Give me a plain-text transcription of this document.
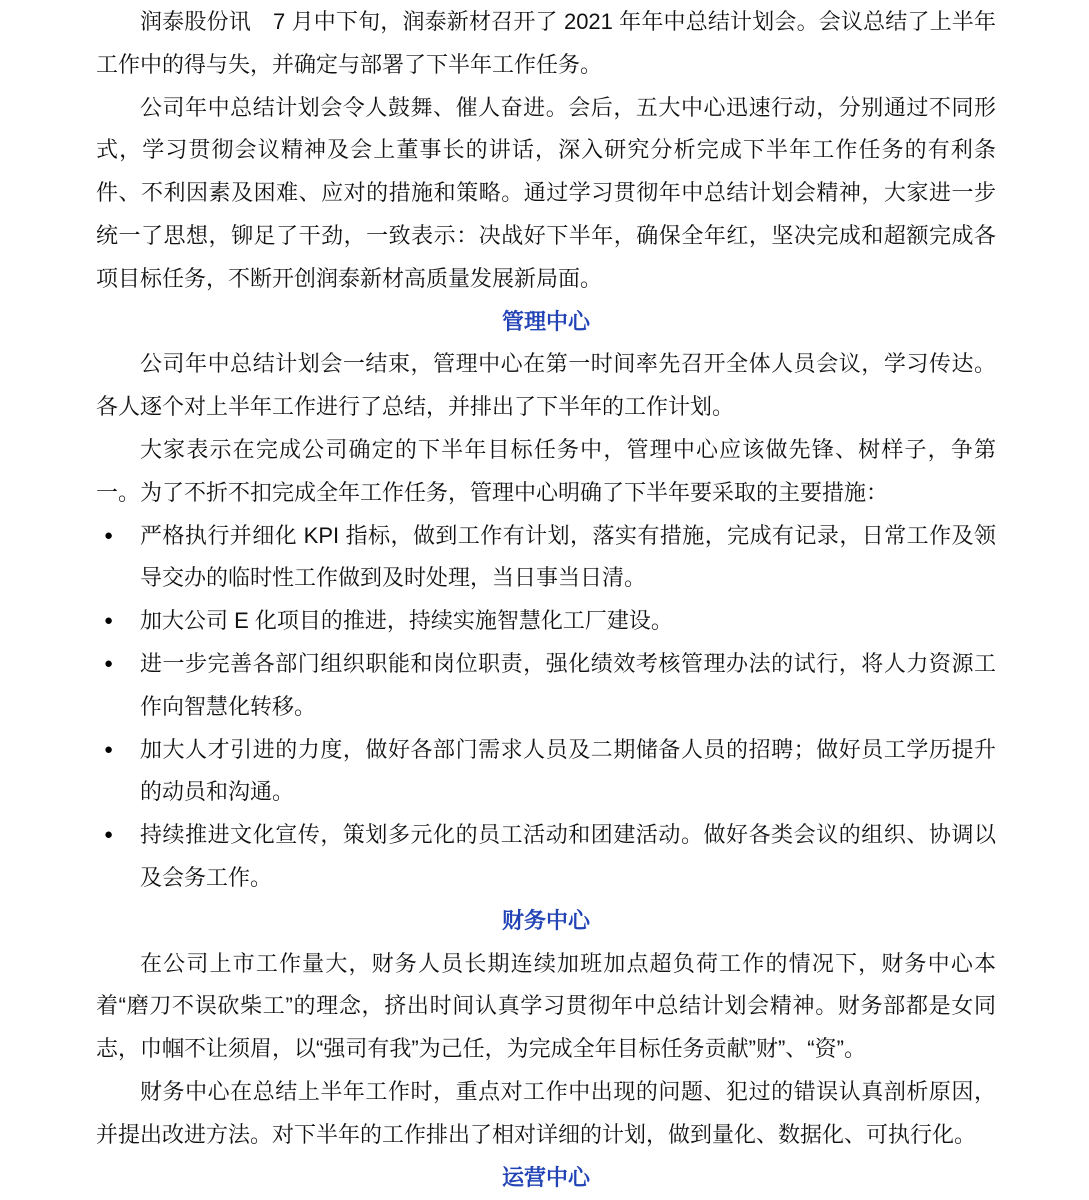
润泰股份讯　7 月中下旬，润泰新材召开了 2021 年年中总结计划会。会议总结了上半年工作中的得与失，并确定与部署了下半年工作任务。

公司年中总结计划会令人鼓舞、催人奋进。会后，五大中心迅速行动，分别通过不同形式，学习贯彻会议精神及会上董事长的讲话，深入研究分析完成下半年工作任务的有利条件、不利因素及困难、应对的措施和策略。通过学习贯彻年中总结计划会精神，大家进一步统一了思想，铆足了干劲，一致表示：决战好下半年，确保全年红，坚决完成和超额完成各项目标任务，不断开创润泰新材高质量发展新局面。

管理中心

公司年中总结计划会一结束，管理中心在第一时间率先召开全体人员会议，学习传达。各人逐个对上半年工作进行了总结，并排出了下半年的工作计划。

大家表示在完成公司确定的下半年目标任务中，管理中心应该做先锋、树样子，争第一。为了不折不扣完成全年工作任务，管理中心明确了下半年要采取的主要措施：

● 严格执行并细化 KPI 指标，做到工作有计划，落实有措施，完成有记录，日常工作及领导交办的临时性工作做到及时处理，当日事当日清。
● 加大公司 E 化项目的推进，持续实施智慧化工厂建设。
● 进一步完善各部门组织职能和岗位职责，强化绩效考核管理办法的试行，将人力资源工作向智慧化转移。
● 加大人才引进的力度，做好各部门需求人员及二期储备人员的招聘；做好员工学历提升的动员和沟通。
● 持续推进文化宣传，策划多元化的员工活动和团建活动。做好各类会议的组织、协调以及会务工作。
财务中心

在公司上市工作量大，财务人员长期连续加班加点超负荷工作的情况下，财务中心本着“磨刀不误砍柴工”的理念，挤出时间认真学习贯彻年中总结计划会精神。财务部都是女同志，巾帼不让须眉，以“强司有我”为己任，为完成全年目标任务贡献”财”、“资”。

财务中心在总结上半年工作时，重点对工作中出现的问题、犯过的错误认真剖析原因，并提出改进方法。对下半年的工作排出了相对详细的计划，做到量化、数据化、可执行化。

运营中心
